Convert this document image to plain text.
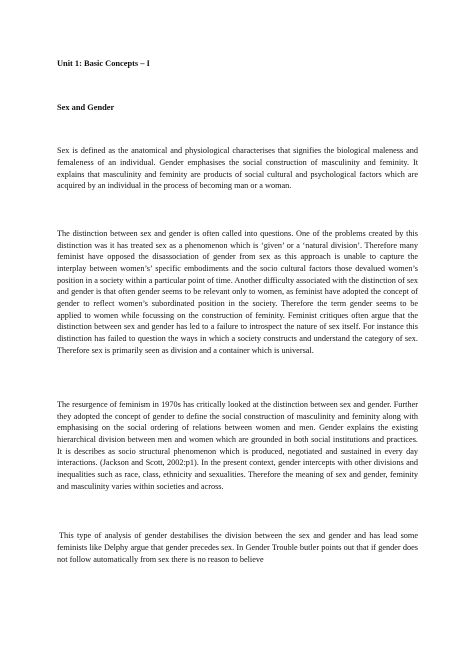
Unit 1: Basic Concepts – I

Sex and Gender

Sex is defined as the anatomical and physiological characterises that signifies the biological maleness and femaleness of an individual. Gender emphasises the social construction of masculinity and feminity. It explains that masculinity and feminity are products of social cultural and psychological factors which are acquired by an individual in the process of becoming man or a woman.

The distinction between sex and gender is often called into questions. One of the problems created by this distinction was it has treated sex as a phenomenon which is ‘given’ or a ‘natural division’. Therefore many feminist have opposed the disassociation of gender from sex as this approach is unable to capture the interplay between women’s’ specific embodiments and the socio cultural factors those devalued women’s position in a society within a particular point of time. Another difficulty associated with the distinction of sex and gender is that often gender seems to be relevant only to women, as feminist have adopted the concept of gender to reflect women’s subordinated position in the society. Therefore the term gender seems to be applied to women while focussing on the construction of feminity. Feminist critiques often argue that the distinction between sex and gender has led to a failure to introspect the nature of sex itself. For instance this distinction has failed to question the ways in which a society constructs and understand the category of sex. Therefore sex is primarily seen as division and a container which is universal.

The resurgence of feminism in 1970s has critically looked at the distinction between sex and gender. Further they adopted the concept of gender to define the social construction of masculinity and feminity along with emphasising on the social ordering of relations between women and men. Gender explains the existing hierarchical division between men and women which are grounded in both social institutions and practices. It is describes as socio structural phenomenon which is produced, negotiated and sustained in every day interactions. (Jackson and Scott, 2002:p1). In the present context, gender intercepts with other divisions and inequalities such as race, class, ethnicity and sexualities. Therefore the meaning of sex and gender, feminity and masculinity varies within societies and across.

This type of analysis of gender destabilises the division between the sex and gender and has lead some feminists like Delphy argue that gender precedes sex. In Gender Trouble butler points out that if gender does not follow automatically from sex there is no reason to believe
